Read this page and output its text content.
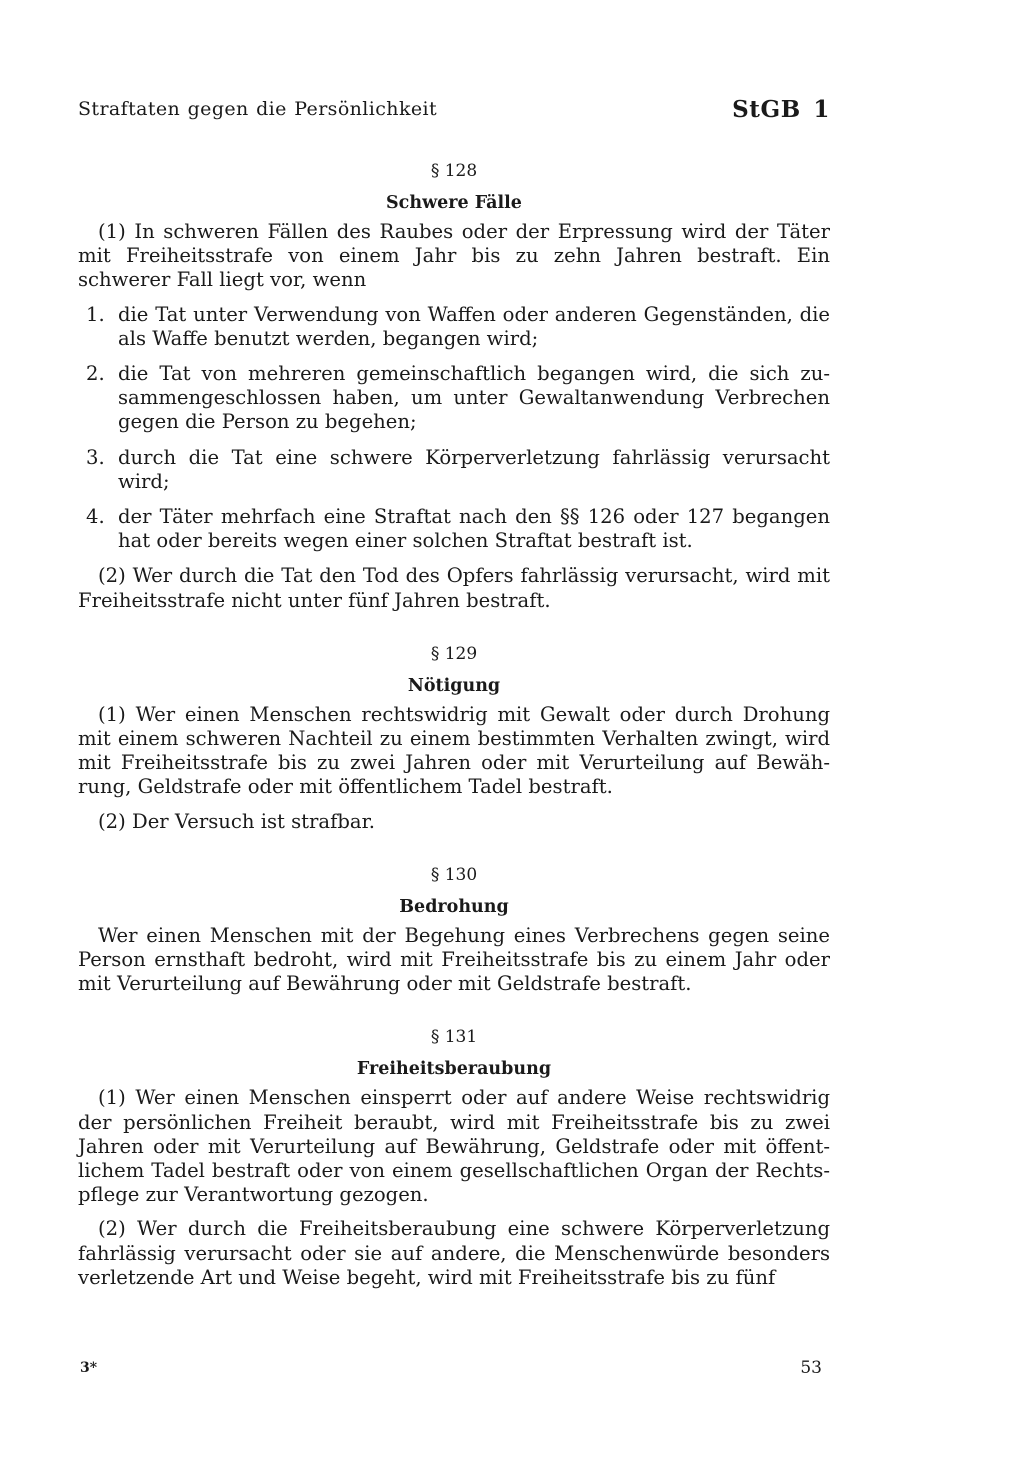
Straftaten gegen die Persönlichkeit	StGB 1

§ 128

Schwere Fälle

(1) In schweren Fällen des Raubes oder der Erpressung wird der Täter mit Freiheitsstrafe von einem Jahr bis zu zehn Jahren bestraft. Ein schwerer Fall liegt vor, wenn

1. die Tat unter Verwendung von Waffen oder anderen Gegenständen, die als Waffe benutzt werden, begangen wird;
2. die Tat von mehreren gemeinschaftlich begangen wird, die sich zusammengeschlossen haben, um unter Gewaltanwendung Verbrechen gegen die Person zu begehen;
3. durch die Tat eine schwere Körperverletzung fahrlässig verursacht wird;
4. der Täter mehrfach eine Straftat nach den §§ 126 oder 127 begangen hat oder bereits wegen einer solchen Straftat bestraft ist.

(2) Wer durch die Tat den Tod des Opfers fahrlässig verursacht, wird mit Freiheitsstrafe nicht unter fünf Jahren bestraft.

§ 129

Nötigung

(1) Wer einen Menschen rechtswidrig mit Gewalt oder durch Drohung mit einem schweren Nachteil zu einem bestimmten Verhalten zwingt, wird mit Freiheitsstrafe bis zu zwei Jahren oder mit Verurteilung auf Bewährung, Geldstrafe oder mit öffentlichem Tadel bestraft.

(2) Der Versuch ist strafbar.

§ 130

Bedrohung

Wer einen Menschen mit der Begehung eines Verbrechens gegen seine Person ernsthaft bedroht, wird mit Freiheitsstrafe bis zu einem Jahr oder mit Verurteilung auf Bewährung oder mit Geldstrafe bestraft.

§ 131

Freiheitsberaubung

(1) Wer einen Menschen einsperrt oder auf andere Weise rechtswidrig der persönlichen Freiheit beraubt, wird mit Freiheitsstrafe bis zu zwei Jahren oder mit Verurteilung auf Bewährung, Geldstrafe oder mit öffentlichem Tadel bestraft oder von einem gesellschaftlichen Organ der Rechtspflege zur Verantwortung gezogen.

(2) Wer durch die Freiheitsberaubung eine schwere Körperverletzung fahrlässig verursacht oder sie auf andere, die Menschenwürde besonders verletzende Art und Weise begeht, wird mit Freiheitsstrafe bis zu fünf

3*	53
